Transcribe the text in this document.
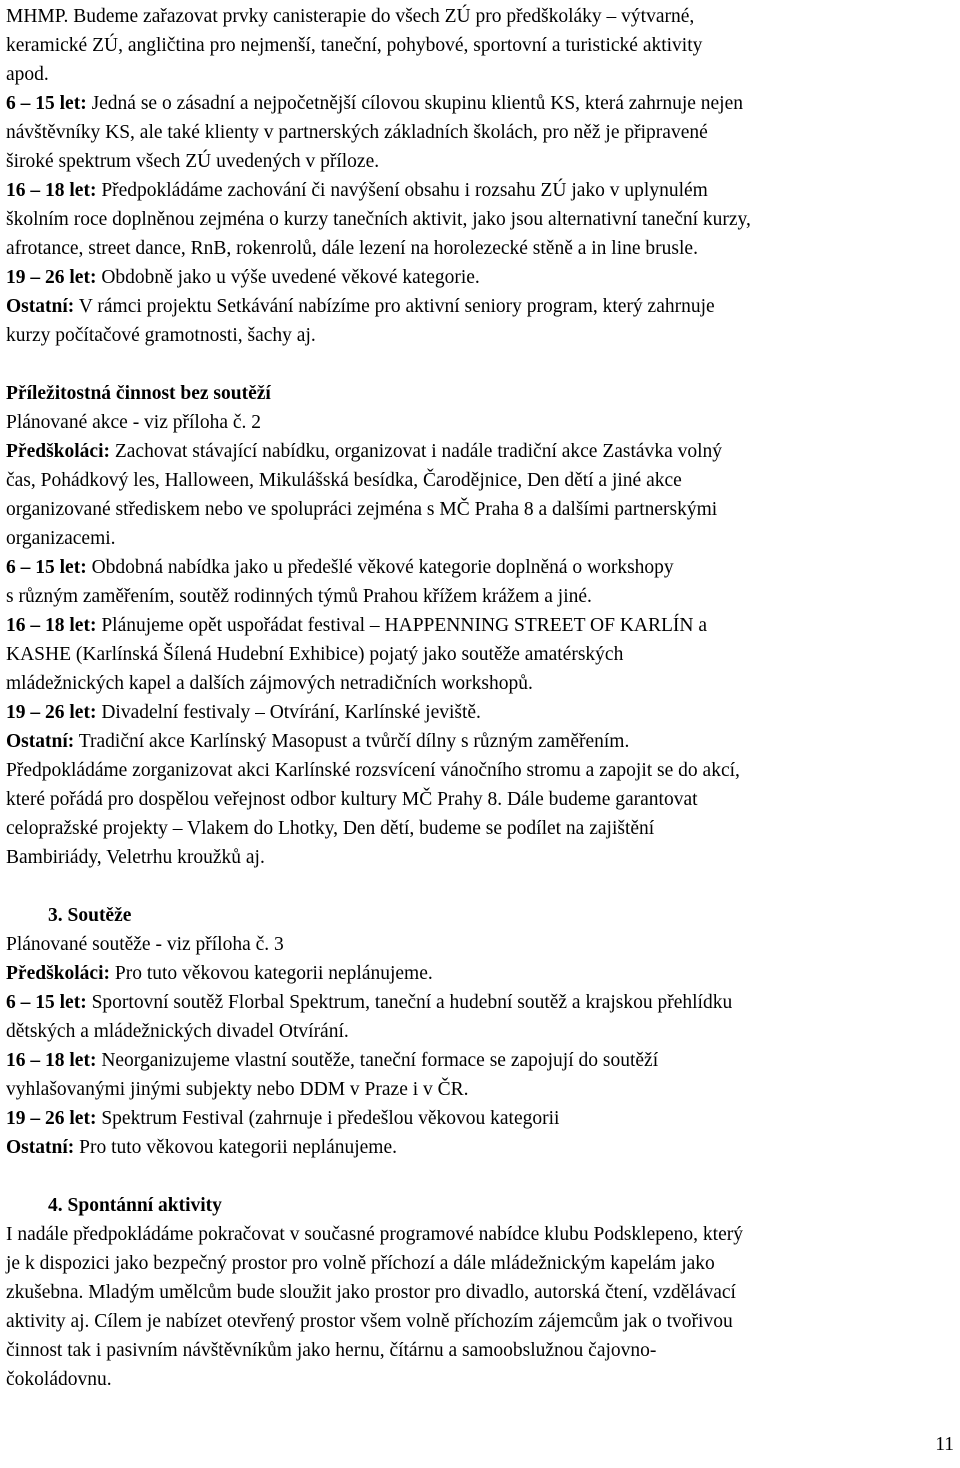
MHMP. Budeme zařazovat prvky canisterapie do všech ZÚ pro předškoláky – výtvarné,

keramické ZÚ, angličtina pro nejmenší, taneční, pohybové, sportovní a turistické aktivity

apod.

6 – 15 let: Jedná se o zásadní a nejpočetnější cílovou skupinu klientů KS, která zahrnuje nejen

návštěvníky KS, ale také klienty v partnerských základních školách, pro něž je připravené

široké spektrum všech ZÚ uvedených v příloze.

16 – 18 let: Předpokládáme zachování či navýšení obsahu i rozsahu ZÚ jako v uplynulém

školním roce doplněnou zejména o kurzy tanečních aktivit, jako jsou alternativní taneční kurzy,

afrotance, street dance, RnB, rokenrolů, dále lezení na horolezecké stěně a in line brusle.

19 – 26 let: Obdobně jako u výše uvedené věkové kategorie.

Ostatní: V rámci projektu Setkávání nabízíme pro aktivní seniory program, který zahrnuje

kurzy počítačové gramotnosti, šachy aj.

Příležitostná činnost bez soutěží

Plánované akce - viz příloha č. 2

Předškoláci: Zachovat stávající nabídku, organizovat i nadále tradiční akce Zastávka volný

čas, Pohádkový les, Halloween, Mikulášská besídka, Čarodějnice, Den dětí a jiné akce

organizované střediskem nebo ve spolupráci zejména s MČ Praha 8 a dalšími partnerskými

organizacemi.

6 – 15 let: Obdobná nabídka jako u předešlé věkové kategorie doplněná o workshopy

s různým zaměřením, soutěž rodinných týmů Prahou křížem krážem a jiné.

16 – 18 let: Plánujeme opět uspořádat festival – HAPPENNING STREET OF KARLÍN a

KASHE (Karlínská Šílená Hudební Exhibice) pojatý jako soutěže amatérských

mládežnických kapel a dalších zájmových netradičních workshopů.

19 – 26 let: Divadelní festivaly – Otvírání, Karlínské jeviště.

Ostatní: Tradiční akce Karlínský Masopust a tvůrčí dílny s různým zaměřením.

Předpokládáme zorganizovat akci Karlínské rozsvícení vánočního stromu a zapojit se do akcí,

které pořádá pro dospělou veřejnost odbor kultury MČ Prahy 8. Dále budeme garantovat

celopražské projekty – Vlakem do Lhotky, Den dětí, budeme se podílet na zajištění

Bambiriády, Veletrhu kroužků aj.

3. Soutěže

Plánované soutěže - viz příloha č. 3

Předškoláci: Pro tuto věkovou kategorii neplánujeme.

6 – 15 let: Sportovní soutěž Florbal Spektrum, taneční a hudební soutěž a krajskou přehlídku

dětských a mládežnických divadel Otvírání.

16 – 18 let: Neorganizujeme vlastní soutěže, taneční formace se zapojují do soutěží

vyhlašovanými jinými subjekty nebo DDM v Praze i v ČR.

19 – 26 let: Spektrum Festival (zahrnuje i předešlou věkovou kategorii

Ostatní: Pro tuto věkovou kategorii neplánujeme.

4. Spontánní aktivity

I nadále předpokládáme pokračovat v současné programové nabídce klubu Podsklepeno, který

je k dispozici jako bezpečný prostor pro volně příchozí a dále mládežnickým kapelám jako

zkušebna. Mladým umělcům bude sloužit jako prostor pro divadlo, autorská čtení, vzdělávací

aktivity aj. Cílem je nabízet otevřený prostor všem volně příchozím zájemcům jak o tvořivou

činnost tak i pasivním návštěvníkům jako hernu, čítárnu a samoobslužnou čajovno-

čokoládovnu.

11
